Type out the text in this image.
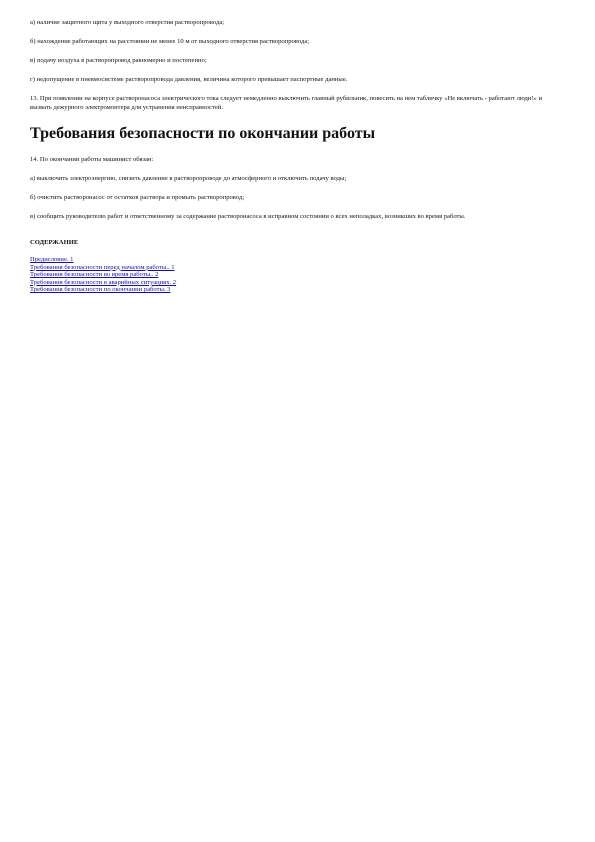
а) наличие защитного щита у выходного отверстия растворопровода;

б) нахождение работающих на расстоянии не менее 10 м от выходного отверстия растворопровода;

в) подачу воздуха в растворопровод равномерно и постепенно;

г) недопущение в пневмосистеме растворопровода давления, величина которого превышает паспортные данные.

13. При появлении на корпусе растворонасоса электрического тока следует немедленно выключить главный рубильник, повесить на нем табличку «Не включать - работают люди!» и вызвать дежурного электромонтера для устранения неисправностей.

Требования безопасности по окончании работы

14. По окончании работы машинист обязан:

а) выключить электроэнергию, снизить давление в растворопроводе до атмосферного и отключить подачу воды;

б) очистить растворонасос от остатков раствора и промыть растворопровод;

в) сообщить руководителю работ и ответственному за содержание растворонасоса в исправном состоянии о всех неполадках, возникших во время работы.

СОДЕРЖАНИЕ
Предисловие. 1
Требования безопасности перед началом работы.. 1
Требования безопасности во время работы.. 2
Требования безопасности в аварийных ситуациях. 2
Требования безопасности по окончании работы. 3
